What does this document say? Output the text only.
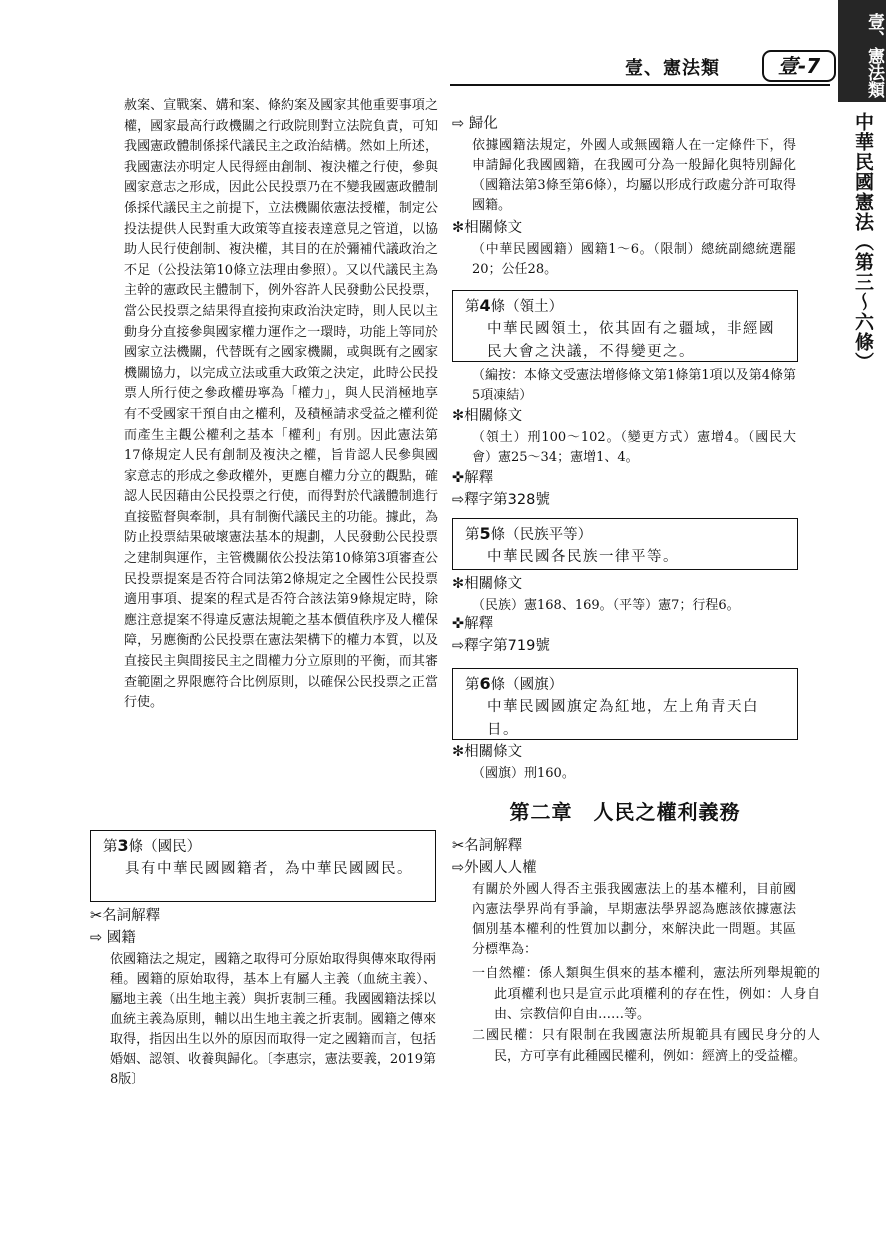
壹、憲法類
中華民國憲法（第三～六條）
壹、憲法類	壹-7

赦案、宣戰案、媾和案、條約案及國家其他重要事項之權，國家最高行政機關之行政院則對立法院負責，可知我國憲政體制係採代議民主之政治結構。然如上所述，我國憲法亦明定人民得經由創制、複決權之行使，參與國家意志之形成，因此公民投票乃在不變我國憲政體制係採代議民主之前提下，立法機關依憲法授權，制定公投法提供人民對重大政策等直接表達意見之管道，以協助人民行使創制、複決權，其目的在於彌補代議政治之不足（公投法第10條立法理由參照）。又以代議民主為主幹的憲政民主體制下，例外容許人民發動公民投票，當公民投票之結果得直接拘束政治決定時，則人民以主動身分直接參與國家權力運作之一環時，功能上等同於國家立法機關，代替既有之國家機關，或與既有之國家機關協力，以完成立法或重大政策之決定，此時公民投票人所行使之參政權毋寧為「權力」，與人民消極地享有不受國家干預自由之權利，及積極請求受益之權利從而產生主觀公權利之基本「權利」有別。因此憲法第17條規定人民有創制及複決之權，旨肯認人民參與國家意志的形成之參政權外，更應自權力分立的觀點，確認人民因藉由公民投票之行使，而得對於代議體制進行直接監督與牽制，具有制衡代議民主的功能。據此，為防止投票結果破壞憲法基本的規劃，人民發動公民投票之建制與運作，主管機關依公投法第10條第3項審查公民投票提案是否符合同法第2條規定之全國性公民投票適用事項、提案的程式是否符合該法第9條規定時，除應注意提案不得違反憲法規範之基本價值秩序及人權保障，另應衡酌公民投票在憲法架構下的權力本質，以及直接民主與間接民主之間權力分立原則的平衡，而其審查範圍之界限應符合比例原則，以確保公民投票之正當行使。

第3條（國民）
具有中華民國國籍者，為中華民國國民。
✂名詞解釋
⇨ 國籍
依國籍法之規定，國籍之取得可分原始取得與傳來取得兩種。國籍的原始取得，基本上有屬人主義（血統主義）、屬地主義（出生地主義）與折衷制三種。我國國籍法採以血統主義為原則，輔以出生地主義之折衷制。國籍之傳來取得，指因出生以外的原因而取得一定之國籍而言，包括婚姻、認領、收養與歸化。〔李惠宗，憲法要義，2019第8版〕
⇨ 歸化
依據國籍法規定，外國人或無國籍人在一定條件下，得申請歸化我國國籍，在我國可分為一般歸化與特別歸化（國籍法第3條至第6條），均屬以形成行政處分許可取得國籍。
✻相關條文
（中華民國國籍）國籍1～6。（限制）總統副總統選罷20；公任28。
第4條（領土）
中華民國領土，依其固有之疆域，非經國民大會之決議，不得變更之。
（編按：本條文受憲法增修條文第1條第1項以及第4條第5項凍結）
✻相關條文
（領土）刑100～102。（變更方式）憲增4。（國民大會）憲25～34；憲增1、4。
✜解釋
⇨釋字第328號
第5條（民族平等）
中華民國各民族一律平等。
✻相關條文
（民族）憲168、169。（平等）憲7；行程6。
✜解釋
⇨釋字第719號
第6條（國旗）
中華民國國旗定為紅地，左上角青天白日。
✻相關條文
（國旗）刑160。
第二章　人民之權利義務
✂名詞解釋
⇨外國人人權
有關於外國人得否主張我國憲法上的基本權利，目前國內憲法學界尚有爭論，早期憲法學界認為應該依據憲法個別基本權利的性質加以劃分，來解決此一問題。其區分標準為：
一自然權：係人類與生俱來的基本權利，憲法所列舉規範的此項權利也只是宣示此項權利的存在性，例如：人身自由、宗教信仰自由……等。
二國民權：只有限制在我國憲法所規範具有國民身分的人民，方可享有此種國民權利，例如：經濟上的受益權。
